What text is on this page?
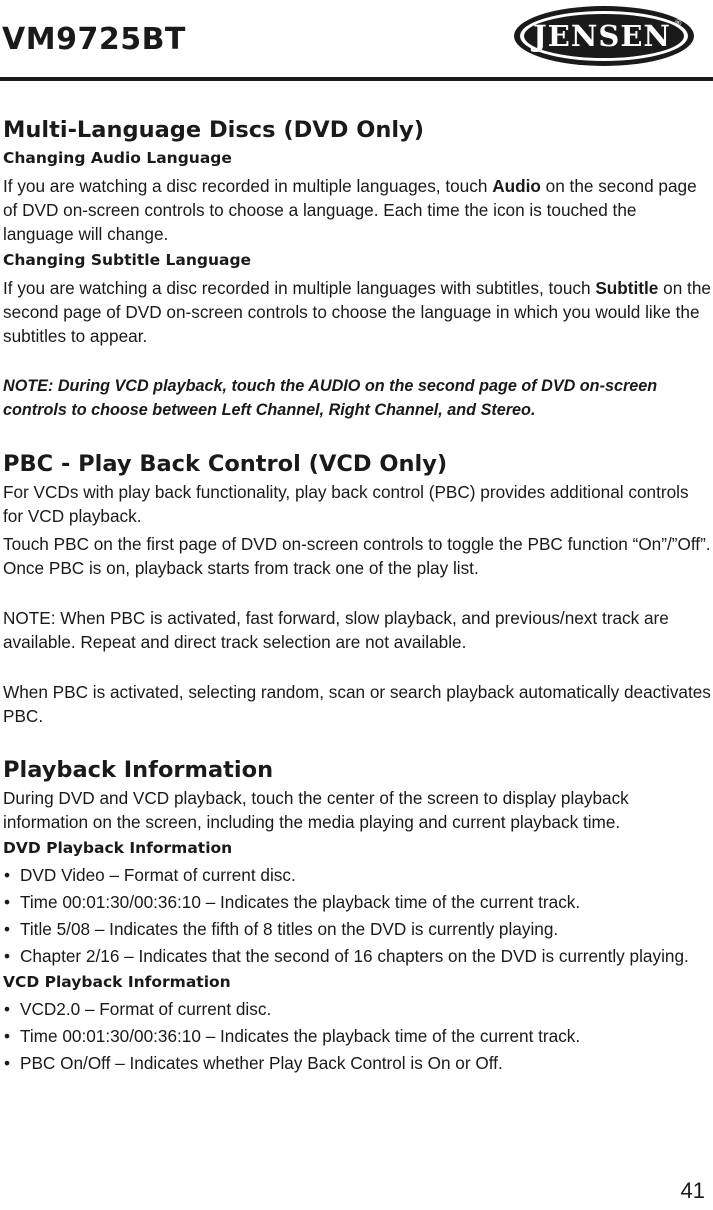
VM9725BT	JENSEN ®
Multi-Language Discs (DVD Only)
Changing Audio Language

If you are watching a disc recorded in multiple languages, touch Audio on the second page of DVD on-screen controls to choose a language. Each time the icon is touched the language will change.

Changing Subtitle Language

If you are watching a disc recorded in multiple languages with subtitles, touch Subtitle on the second page of DVD on-screen controls to choose the language in which you would like the subtitles to appear.

NOTE: During VCD playback, touch the AUDIO on the second page of DVD on-screen controls to choose between Left Channel, Right Channel, and Stereo.

PBC - Play Back Control (VCD Only)

For VCDs with play back functionality, play back control (PBC) provides additional controls for VCD playback.

Touch PBC on the first page of DVD on-screen controls to toggle the PBC function “On”/”Off”. Once PBC is on, playback starts from track one of the play list.

NOTE: When PBC is activated, fast forward, slow playback, and previous/next track are available. Repeat and direct track selection are not available.

When PBC is activated, selecting random, scan or search playback automatically deactivates PBC.

Playback Information

During DVD and VCD playback, touch the center of the screen to display playback information on the screen, including the media playing and current playback time.

DVD Playback Information
• DVD Video – Format of current disc.
• Time 00:01:30/00:36:10 – Indicates the playback time of the current track.
• Title 5/08 – Indicates the fifth of 8 titles on the DVD is currently playing.
• Chapter 2/16 – Indicates that the second of 16 chapters on the DVD is currently playing.
VCD Playback Information
• VCD2.0 – Format of current disc.
• Time 00:01:30/00:36:10 – Indicates the playback time of the current track.
• PBC On/Off – Indicates whether Play Back Control is On or Off.
41
